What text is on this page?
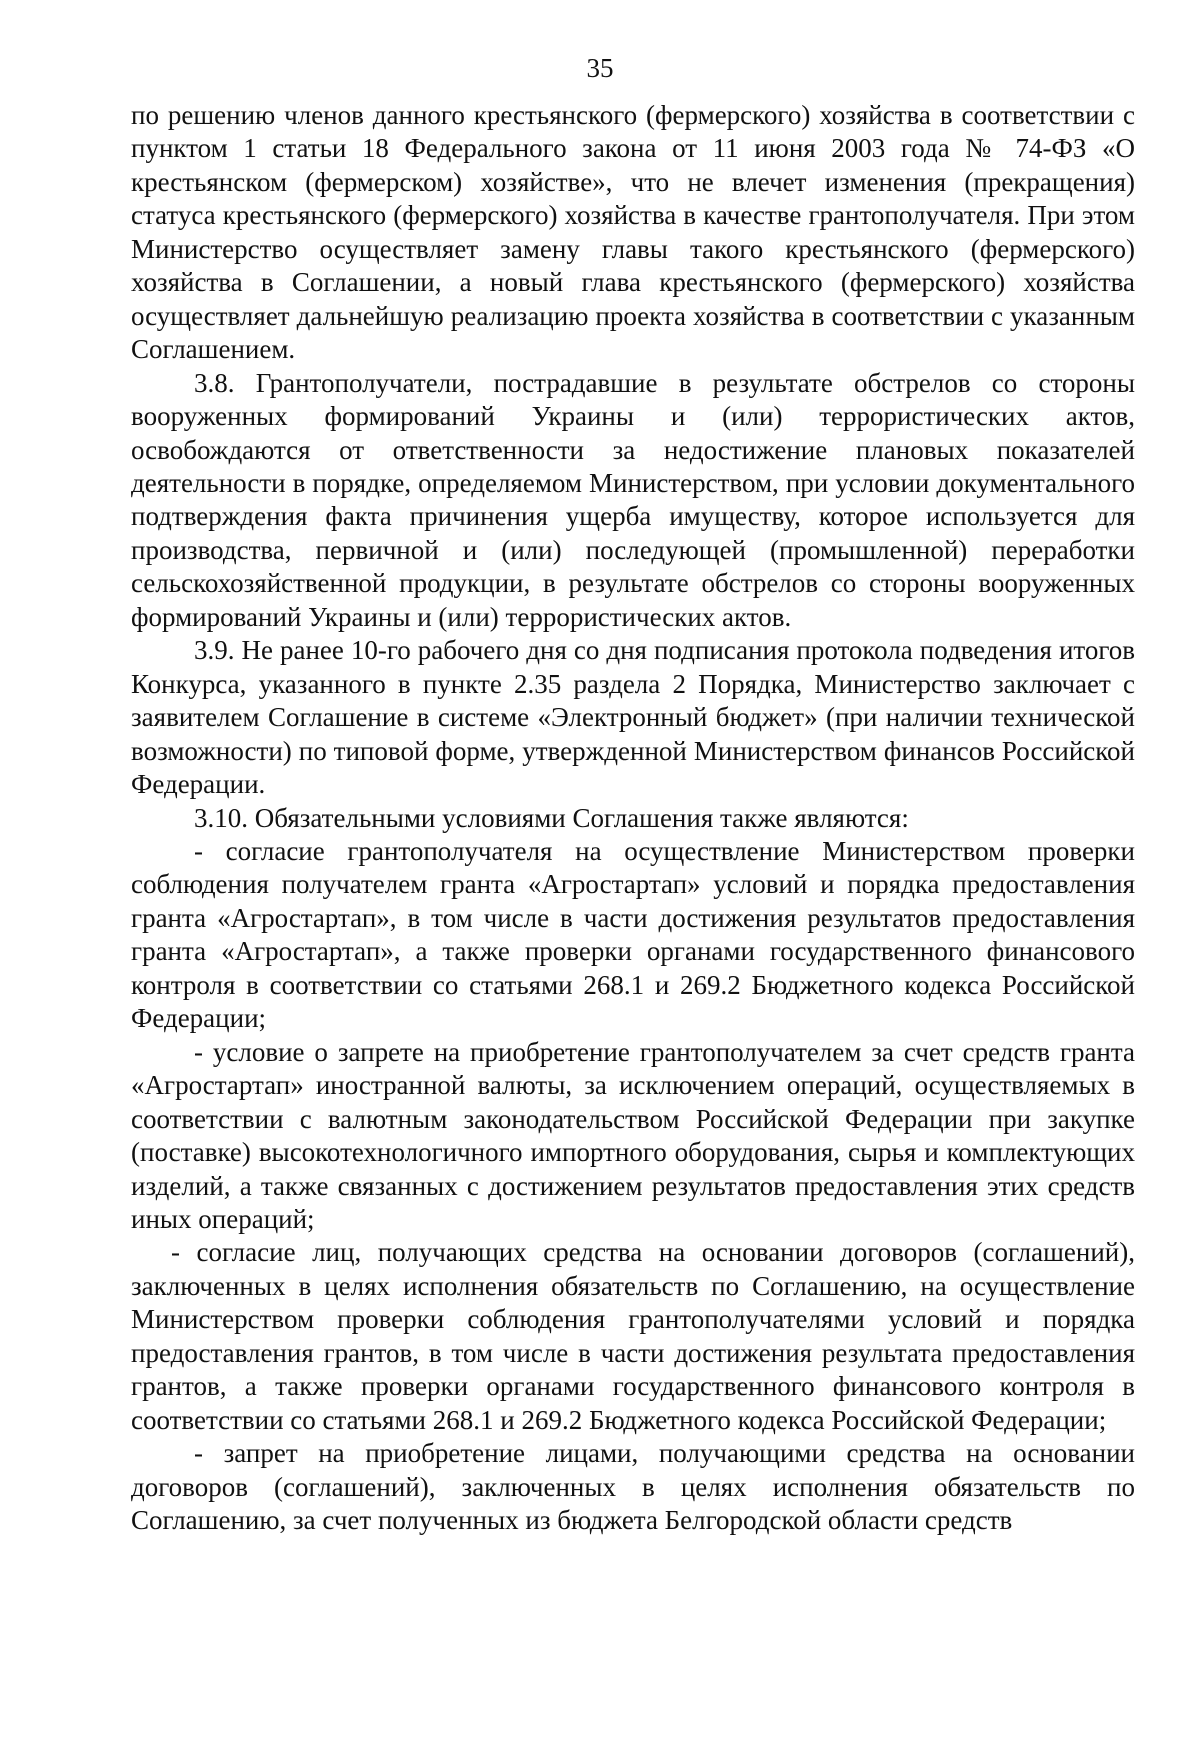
35

по решению членов данного крестьянского (фермерского) хозяйства в соответствии с пунктом 1 статьи 18 Федерального закона от 11 июня 2003 года № 74-ФЗ «О крестьянском (фермерском) хозяйстве», что не влечет изменения (прекращения) статуса крестьянского (фермерского) хозяйства в качестве грантополучателя. При этом Министерство осуществляет замену главы такого крестьянского (фермерского) хозяйства в Соглашении, а новый глава крестьянского (фермерского) хозяйства осуществляет дальнейшую реализацию проекта хозяйства в соответствии с указанным Соглашением.

3.8. Грантополучатели, пострадавшие в результате обстрелов со стороны вооруженных формирований Украины и (или) террористических актов, освобождаются от ответственности за недостижение плановых показателей деятельности в порядке, определяемом Министерством, при условии документального подтверждения факта причинения ущерба имуществу, которое используется для производства, первичной и (или) последующей (промышленной) переработки сельскохозяйственной продукции, в результате обстрелов со стороны вооруженных формирований Украины и (или) террористических актов.

3.9. Не ранее 10-го рабочего дня со дня подписания протокола подведения итогов Конкурса, указанного в пункте 2.35 раздела 2 Порядка, Министерство заключает с заявителем Соглашение в системе «Электронный бюджет» (при наличии технической возможности) по типовой форме, утвержденной Министерством финансов Российской Федерации.

3.10. Обязательными условиями Соглашения также являются:

- согласие грантополучателя на осуществление Министерством проверки соблюдения получателем гранта «Агростартап» условий и порядка предоставления гранта «Агростартап», в том числе в части достижения результатов предоставления гранта «Агростартап», а также проверки органами государственного финансового контроля в соответствии со статьями 268.1 и 269.2 Бюджетного кодекса Российской Федерации;

- условие о запрете на приобретение грантополучателем за счет средств гранта «Агростартап» иностранной валюты, за исключением операций, осуществляемых в соответствии с валютным законодательством Российской Федерации при закупке (поставке) высокотехнологичного импортного оборудования, сырья и комплектующих изделий, а также связанных с достижением результатов предоставления этих средств иных операций;

- согласие лиц, получающих средства на основании договоров (соглашений), заключенных в целях исполнения обязательств по Соглашению, на осуществление Министерством проверки соблюдения грантополучателями условий и порядка предоставления грантов, в том числе в части достижения результата предоставления грантов, а также проверки органами государственного финансового контроля в соответствии со статьями 268.1 и 269.2 Бюджетного кодекса Российской Федерации;

- запрет на приобретение лицами, получающими средства на основании договоров (соглашений), заключенных в целях исполнения обязательств по Соглашению, за счет полученных из бюджета Белгородской области средств
